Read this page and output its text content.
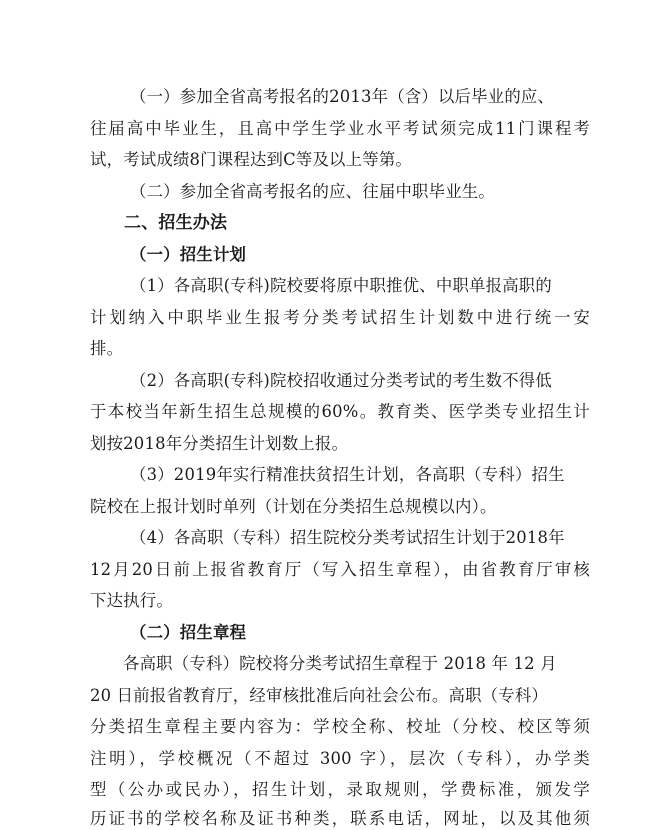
（一）参加全省高考报名的2013年（含）以后毕业的应、
往届高中毕业生，且高中学生学业水平考试须完成11门课程考
试，考试成绩8门课程达到C等及以上等第。
（二）参加全省高考报名的应、往届中职毕业生。
二、招生办法
（一）招生计划
（1）各高职(专科)院校要将原中职推优、中职单报高职的
计划纳入中职毕业生报考分类考试招生计划数中进行统一安
排。
（2）各高职(专科)院校招收通过分类考试的考生数不得低
于本校当年新生招生总规模的60%。教育类、医学类专业招生计
划按2018年分类招生计划数上报。
（3）2019年实行精准扶贫招生计划，各高职（专科）招生
院校在上报计划时单列（计划在分类招生总规模以内）。
（4）各高职（专科）招生院校分类考试招生计划于2018年
12月20日前上报省教育厅（写入招生章程），由省教育厅审核
下达执行。
（二）招生章程
各高职（专科）院校将分类考试招生章程于 2018 年 12 月
20 日前报省教育厅，经审核批准后向社会公布。高职（专科）
分类招生章程主要内容为：学校全称、校址（分校、校区等须
注明），学校概况（不超过 300 字），层次（专科），办学类
型（公办或民办），招生计划，录取规则，学费标准，颁发学
历证书的学校名称及证书种类，联系电话，网址，以及其他须
